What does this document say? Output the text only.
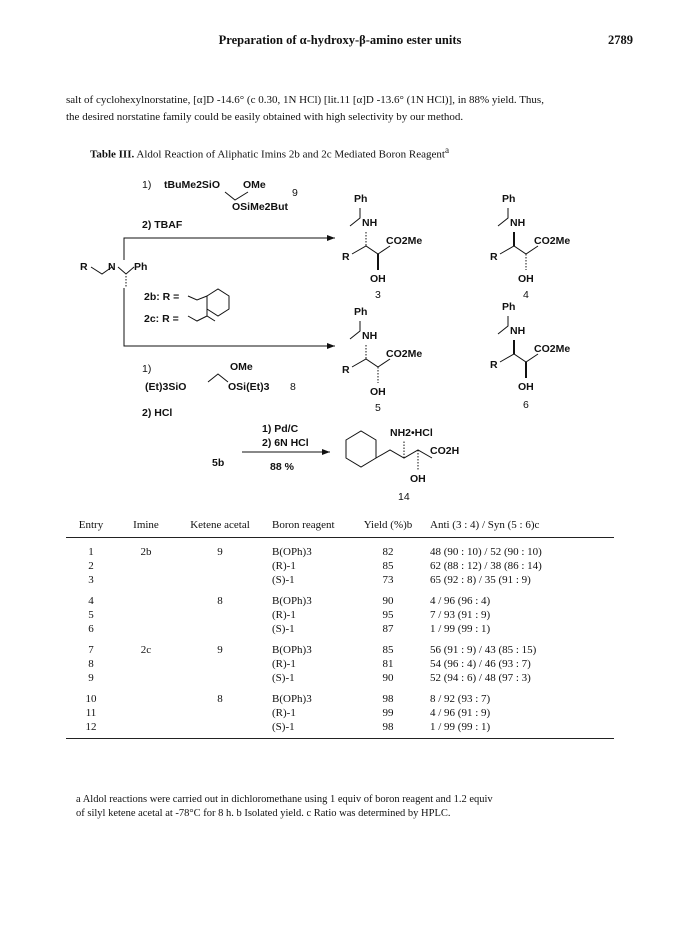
Preparation of α-hydroxy-β-amino ester units	2789
salt of cyclohexylnorstatine, [α]D -14.6° (c 0.30, 1N HCl) [lit.11 [α]D -13.6° (1N HCl)], in 88% yield. Thus,
the desired norstatine family could be easily obtained with high selectivity by our method.
Table III. Aldol Reaction of Aliphatic Imins 2b and 2c Mediated Boron Reagent$^a$
1) tBuMe2SiO OMe
OSiMe2But
9
2) TBAF
R N Ph
2b: R =
2c: R =
1)	OMe
(Et)3SiO	OSi(Et)3 8
2) HCl
Ph
NH
CO2Me
R
OH
3
Ph
NH
CO2Me
R
OH
4
Ph
NH
CO2Me
R
OH
5
Ph
NH
CO2Me
R
OH
6
1) Pd/C
2) 6N HCl
5b	88 %
NH2•HCl
CO2H
OH
14
Entry	Imine	Ketene acetal	Boron reagent	Yield (%)b	Anti (3 : 4) / Syn (5 : 6)c
1	2b	9	B(OPh)3	82	48 (90 : 10) / 52 (90 : 10)
2			(R)-1	85	62 (88 : 12) / 38 (86 : 14)
3			(S)-1	73	65 (92 : 8) / 35 (91 : 9)
4		8	B(OPh)3	90	4 / 96 (96 : 4)
5			(R)-1	95	7 / 93 (91 : 9)
6			(S)-1	87	1 / 99 (99 : 1)
7	2c	9	B(OPh)3	85	56 (91 : 9) / 43 (85 : 15)
8			(R)-1	81	54 (96 : 4) / 46 (93 : 7)
9			(S)-1	90	52 (94 : 6) / 48 (97 : 3)
10		8	B(OPh)3	98	8 / 92 (93 : 7)
11			(R)-1	99	4 / 96 (91 : 9)
12			(S)-1	98	1 / 99 (99 : 1)
a Aldol reactions were carried out in dichloromethane using 1 equiv of boron reagent and 1.2 equiv
of silyl ketene acetal at -78°C for 8 h. b Isolated yield. c Ratio was determined by HPLC.
